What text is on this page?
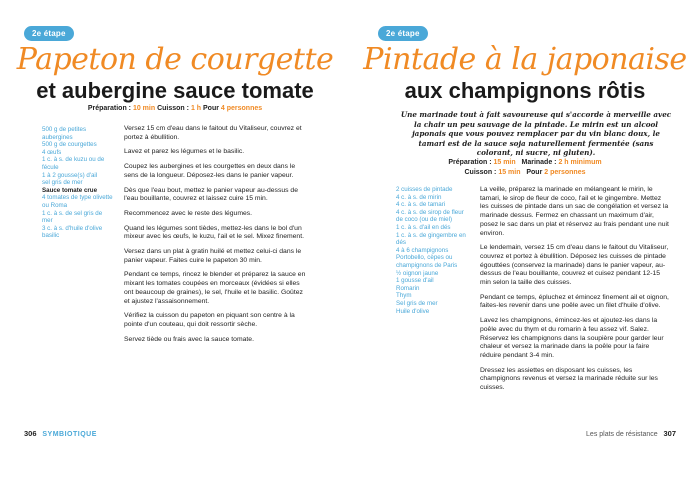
2e étape
Papeton de courgette
et aubergine sauce tomate
Préparation : 10 min Cuisson : 1 h Pour 4 personnes
500 g de petites aubergines
500 g de courgettes
4 œufs
1 c. à s. de kuzu ou de fécule
1 à 2 gousse(s) d'ail
sel gris de mer
Sauce tomate crue
4 tomates de type olivette ou Roma
1 c. à s. de sel gris de mer
3 c. à s. d'huile d'olive
basilic

Versez 15 cm d'eau dans le faitout du Vitaliseur, couvrez et portez à ébullition.

Lavez et parez les légumes et le basilic.

Coupez les aubergines et les courgettes en deux dans le sens de la longueur. Déposez-les dans le panier vapeur.

Dès que l'eau bout, mettez le panier vapeur au-dessus de l'eau bouillante, couvrez et laissez cuire 15 min.

Recommencez avec le reste des légumes.

Quand les légumes sont tièdes, mettez-les dans le bol d'un mixeur avec les œufs, le kuzu, l'ail et le sel. Mixez finement.

Versez dans un plat à gratin huilé et mettez celui-ci dans le panier vapeur. Faites cuire le papeton 30 min.

Pendant ce temps, rincez le blender et préparez la sauce en mixant les tomates coupées en morceaux (évidées si elles ont beaucoup de graines), le sel, l'huile et le basilic. Goûtez et ajustez l'assaisonnement.

Vérifiez la cuisson du papeton en piquant son centre à la pointe d'un couteau, qui doit ressortir sèche.

Servez tiède ou frais avec la sauce tomate.

306 SYMBIOTIQUE
2e étape
Pintade à la japonaise
aux champignons rôtis
Une marinade tout à fait savoureuse qui s'accorde à merveille avec la chair un peu sauvage de la pintade. Le mirin est un alcool japonais que vous pouvez remplacer par du vin blanc doux, le tamari est de la sauce soja naturellement fermentée (sans colorant, ni sucre, ni gluten).
Préparation : 15 min Marinade : 2 h minimum
Cuisson : 15 min Pour 2 personnes
2 cuisses de pintade
4 c. à s. de mirin
4 c. à s. de tamari
4 c. à s. de sirop de fleur de coco (ou de miel)
1 c. à s. d'ail en dés
1 c. à s. de gingembre en dés
4 à 6 champignons Portobello, cèpes ou champignons de Paris
½ oignon jaune
1 gousse d'ail
Romarin
Thym
Sel gris de mer
Huile d'olive

La veille, préparez la marinade en mélangeant le mirin, le tamari, le sirop de fleur de coco, l'ail et le gingembre. Mettez les cuisses de pintade dans un sac de congélation et versez la marinade dessus. Fermez en chassant un maximum d'air, posez le sac dans un plat et réservez au frais pendant une nuit environ.

Le lendemain, versez 15 cm d'eau dans le faitout du Vitaliseur, couvrez et portez à ébullition. Déposez les cuisses de pintade égouttées (conservez la marinade) dans le panier vapeur, au-dessus de l'eau bouillante, couvrez et cuisez pendant 12-15 min selon la taille des cuisses.

Pendant ce temps, épluchez et émincez finement ail et oignon, faites-les revenir dans une poêle avec un filet d'huile d'olive.

Lavez les champignons, émincez-les et ajoutez-les dans la poêle avec du thym et du romarin à feu assez vif. Salez. Réservez les champignons dans la soupière pour garder leur chaleur et versez la marinade dans la poêle pour la faire réduire pendant 3-4 min.

Dressez les assiettes en disposant les cuisses, les champignons revenus et versez la marinade réduite sur les cuisses.

Les plats de résistance 307
